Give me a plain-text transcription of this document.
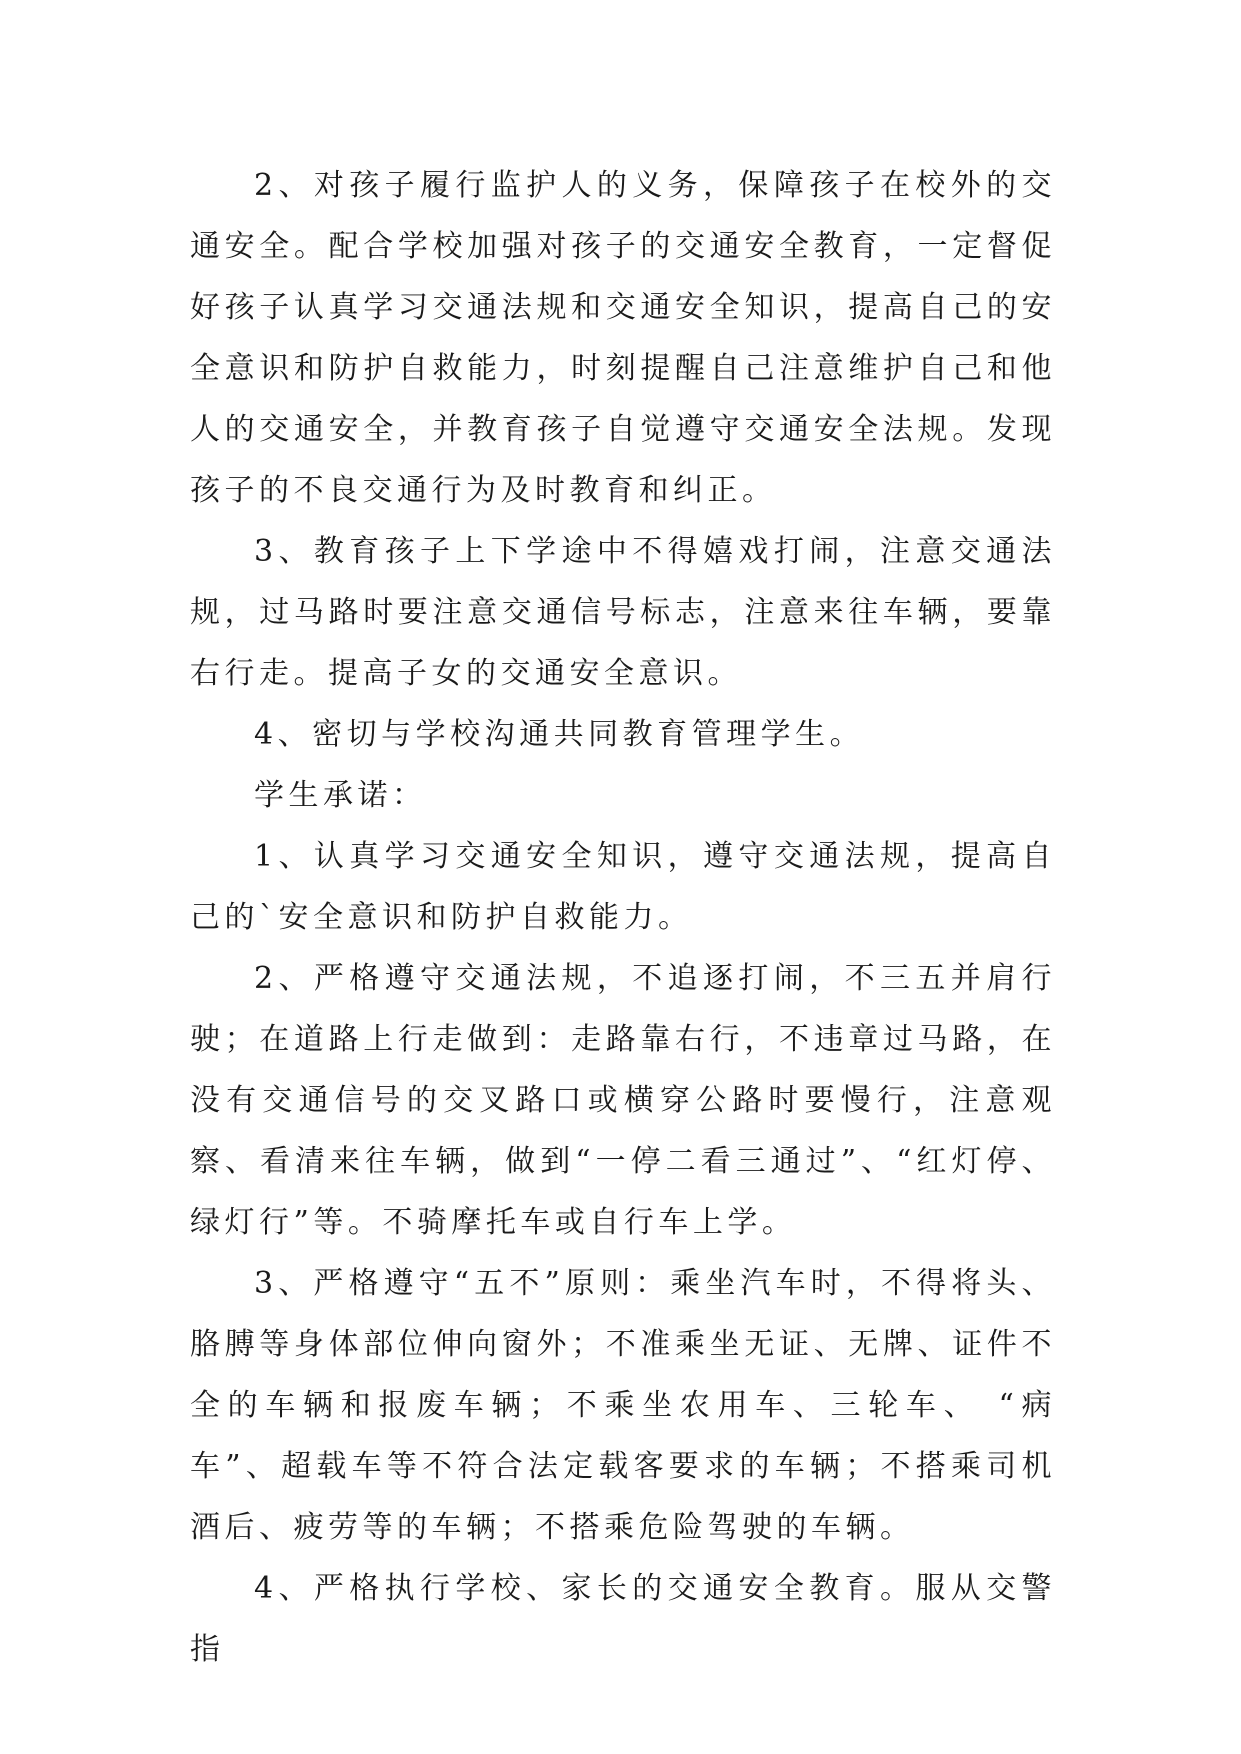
2、对孩子履行监护人的义务，保障孩子在校外的交通安全。配合学校加强对孩子的交通安全教育，一定督促好孩子认真学习交通法规和交通安全知识，提高自己的安全意识和防护自救能力，时刻提醒自己注意维护自己和他人的交通安全，并教育孩子自觉遵守交通安全法规。发现孩子的不良交通行为及时教育和纠正。

3、教育孩子上下学途中不得嬉戏打闹，注意交通法规，过马路时要注意交通信号标志，注意来往车辆，要靠右行走。提高子女的交通安全意识。

4、密切与学校沟通共同教育管理学生。

学生承诺：

1、认真学习交通安全知识，遵守交通法规，提高自己的`安全意识和防护自救能力。

2、严格遵守交通法规，不追逐打闹，不三五并肩行驶；在道路上行走做到：走路靠右行，不违章过马路，在没有交通信号的交叉路口或横穿公路时要慢行，注意观察、看清来往车辆，做到“一停二看三通过”、“红灯停、绿灯行”等。不骑摩托车或自行车上学。

3、严格遵守“五不”原则：乘坐汽车时，不得将头、胳膊等身体部位伸向窗外；不准乘坐无证、无牌、证件不全的车辆和报废车辆；不乘坐农用车、三轮车、 “病车”、超载车等不符合法定载客要求的车辆；不搭乘司机酒后、疲劳等的车辆；不搭乘危险驾驶的车辆。

4、严格执行学校、家长的交通安全教育。服从交警指
